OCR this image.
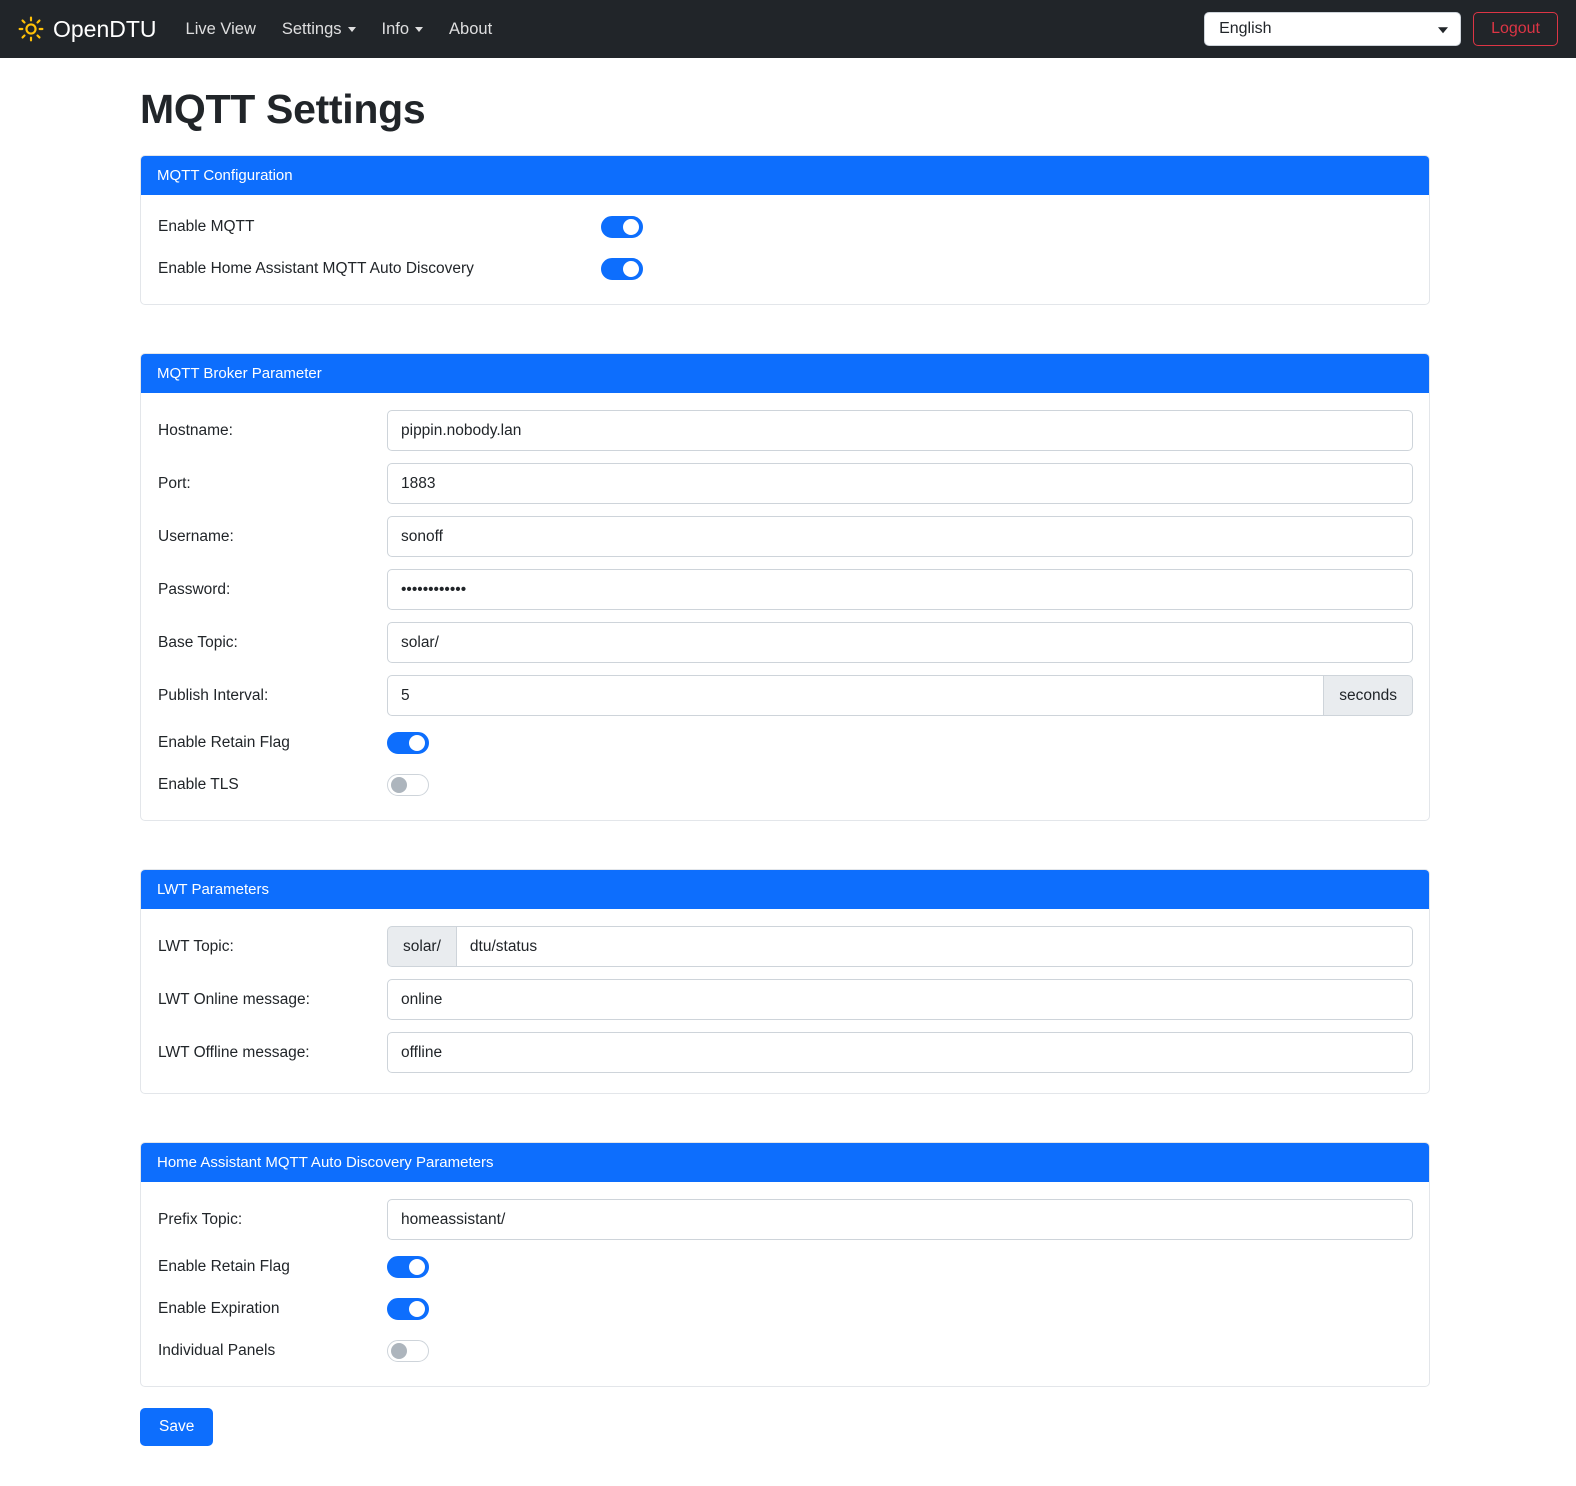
OpenDTU Live View Settings Info About
English	Logout
MQTT Settings
MQTT Configuration
Enable MQTT
Enable Home Assistant MQTT Auto Discovery
MQTT Broker Parameter
Hostname:
pippin.nobody.lan
Port:
1883
Username:
sonoff
Password:
••••••••••••
Base Topic:
solar/
Publish Interval:
5	seconds
Enable Retain Flag
Enable TLS
LWT Parameters
LWT Topic:	solar/
dtu/status
LWT Online message:
online
LWT Offline message:
offline
Home Assistant MQTT Auto Discovery Parameters
Prefix Topic:
homeassistant/
Enable Retain Flag
Enable Expiration
Individual Panels
Save
